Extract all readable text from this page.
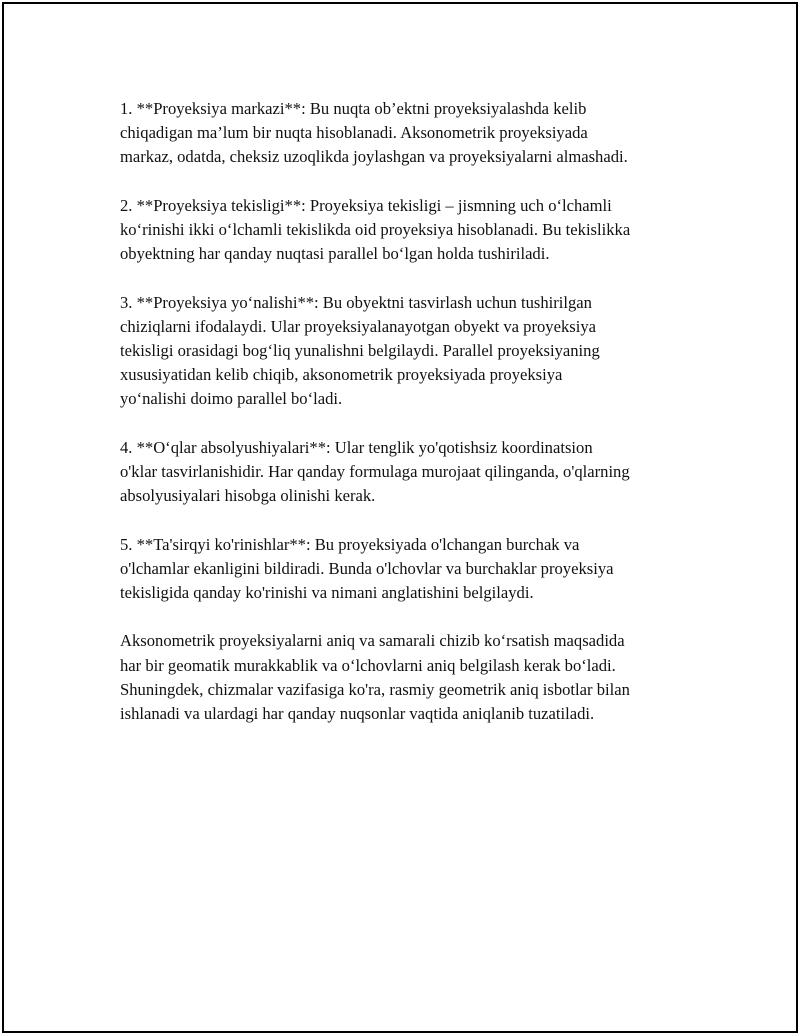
1. **Proyeksiya markazi**: Bu nuqta ob’ektni proyeksiyalashda kelib
chiqadigan ma’lum bir nuqta hisoblanadi. Aksonometrik proyeksiyada
markaz, odatda, cheksiz uzoqlikda joylashgan va proyeksiyalarni almashadi.

2. **Proyeksiya tekisligi**: Proyeksiya tekisligi – jismning uch o‘lchamli
ko‘rinishi ikki o‘lchamli tekislikda oid proyeksiya hisoblanadi. Bu tekislikka
obyektning har qanday nuqtasi parallel bo‘lgan holda tushiriladi.

3. **Proyeksiya yo‘nalishi**: Bu obyektni tasvirlash uchun tushirilgan
chiziqlarni ifodalaydi. Ular proyeksiyalanayotgan obyekt va proyeksiya
tekisligi orasidagi bog‘liq yunalishni belgilaydi. Parallel proyeksiyaning
xususiyatidan kelib chiqib, aksonometrik proyeksiyada proyeksiya
yo‘nalishi doimo parallel bo‘ladi.

4. **O‘qlar absolyushiyalari**: Ular tenglik yo'qotishsiz koordinatsion
o'klar tasvirlanishidir. Har qanday formulaga murojaat qilinganda, o'qlarning
absolyusiyalari hisobga olinishi kerak.

5. **Ta'sirqyi ko'rinishlar**: Bu proyeksiyada o'lchangan burchak va
o'lchamlar ekanligini bildiradi. Bunda o'lchovlar va burchaklar proyeksiya
tekisligida qanday ko'rinishi va nimani anglatishini belgilaydi.

Aksonometrik proyeksiyalarni aniq va samarali chizib ko‘rsatish maqsadida
har bir geomatik murakkablik va o‘lchovlarni aniq belgilash kerak bo‘ladi.
Shuningdek, chizmalar vazifasiga ko'ra, rasmiy geometrik aniq isbotlar bilan
ishlanadi va ulardagi har qanday nuqsonlar vaqtida aniqlanib tuzatiladi.
